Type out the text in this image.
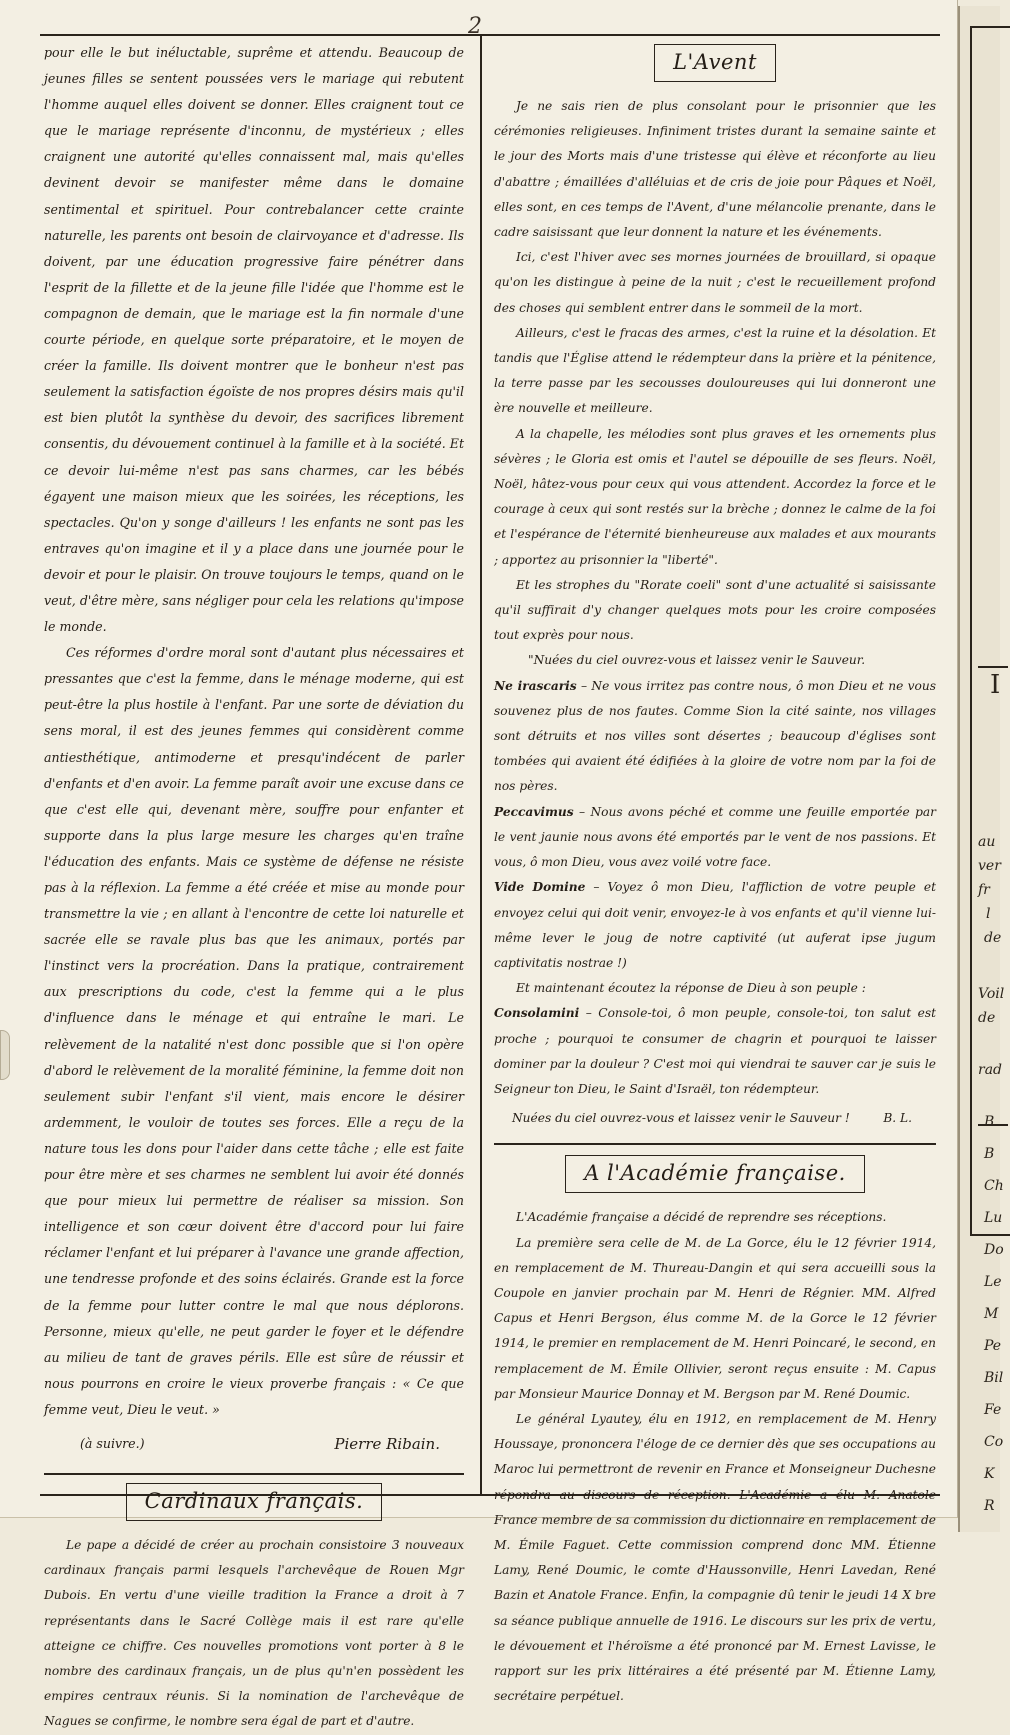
2

pour elle le but inéluctable, suprême et attendu. Beaucoup de jeunes filles se sentent poussées vers le mariage qui rebutent l'homme auquel elles doivent se donner. Elles craignent tout ce que le mariage représente d'inconnu, de mystérieux ; elles craignent une autorité qu'elles connaissent mal, mais qu'elles devinent devoir se manifester même dans le domaine sentimental et spirituel. Pour contrebalancer cette crainte naturelle, les parents ont besoin de clairvoyance et d'adresse. Ils doivent, par une éducation progressive faire pénétrer dans l'esprit de la fillette et de la jeune fille l'idée que l'homme est le compagnon de demain, que le mariage est la fin normale d'une courte période, en quelque sorte préparatoire, et le moyen de créer la famille. Ils doivent montrer que le bonheur n'est pas seulement la satisfaction égoïste de nos propres désirs mais qu'il est bien plutôt la synthèse du devoir, des sacrifices librement consentis, du dévouement continuel à la famille et à la société. Et ce devoir lui-même n'est pas sans charmes, car les bébés égayent une maison mieux que les soirées, les réceptions, les spectacles. Qu'on y songe d'ailleurs ! les enfants ne sont pas les entraves qu'on imagine et il y a place dans une journée pour le devoir et pour le plaisir. On trouve toujours le temps, quand on le veut, d'être mère, sans négliger pour cela les relations qu'impose le monde.

Ces réformes d'ordre moral sont d'autant plus nécessaires et pressantes que c'est la femme, dans le ménage moderne, qui est peut-être la plus hostile à l'enfant. Par une sorte de déviation du sens moral, il est des jeunes femmes qui considèrent comme antiesthétique, antimoderne et presqu'indécent de parler d'enfants et d'en avoir. La femme paraît avoir une excuse dans ce que c'est elle qui, devenant mère, souffre pour enfanter et supporte dans la plus large mesure les charges qu'en traîne l'éducation des enfants. Mais ce système de défense ne résiste pas à la réflexion. La femme a été créée et mise au monde pour transmettre la vie ; en allant à l'encontre de cette loi naturelle et sacrée elle se ravale plus bas que les animaux, portés par l'instinct vers la procréation. Dans la pratique, contrairement aux prescriptions du code, c'est la femme qui a le plus d'influence dans le ménage et qui entraîne le mari. Le relèvement de la natalité n'est donc possible que si l'on opère d'abord le relèvement de la moralité féminine, la femme doit non seulement subir l'enfant s'il vient, mais encore le désirer ardemment, le vouloir de toutes ses forces. Elle a reçu de la nature tous les dons pour l'aider dans cette tâche ; elle est faite pour être mère et ses charmes ne semblent lui avoir été donnés que pour mieux lui permettre de réaliser sa mission. Son intelligence et son cœur doivent être d'accord pour lui faire réclamer l'enfant et lui préparer à l'avance une grande affection, une tendresse profonde et des soins éclairés. Grande est la force de la femme pour lutter contre le mal que nous déplorons. Personne, mieux qu'elle, ne peut garder le foyer et le défendre au milieu de tant de graves périls. Elle est sûre de réussir et nous pourrons en croire le vieux proverbe français : « Ce que femme veut, Dieu le veut. »

(à suivre.)	Pierre Ribain.
Cardinaux français.

Le pape a décidé de créer au prochain consistoire 3 nouveaux cardinaux français parmi lesquels l'archevêque de Rouen Mgr Dubois. En vertu d'une vieille tradition la France a droit à 7 représentants dans le Sacré Collège mais il est rare qu'elle atteigne ce chiffre. Ces nouvelles promotions vont porter à 8 le nombre des cardinaux français, un de plus qu'n'en possèdent les empires centraux réunis. Si la nomination de l'archevêque de Nagues se confirme, le nombre sera égal de part et d'autre.

L'Avent

Je ne sais rien de plus consolant pour le prisonnier que les cérémonies religieuses. Infiniment tristes durant la semaine sainte et le jour des Morts mais d'une tristesse qui élève et réconforte au lieu d'abattre ; émaillées d'alléluias et de cris de joie pour Pâques et Noël, elles sont, en ces temps de l'Avent, d'une mélancolie prenante, dans le cadre saisissant que leur donnent la nature et les événements.

Ici, c'est l'hiver avec ses mornes journées de brouillard, si opaque qu'on les distingue à peine de la nuit ; c'est le recueillement profond des choses qui semblent entrer dans le sommeil de la mort.

Ailleurs, c'est le fracas des armes, c'est la ruine et la désolation. Et tandis que l'Église attend le rédempteur dans la prière et la pénitence, la terre passe par les secousses douloureuses qui lui donneront une ère nouvelle et meilleure.

A la chapelle, les mélodies sont plus graves et les ornements plus sévères ; le Gloria est omis et l'autel se dépouille de ses fleurs. Noël, Noël, hâtez-vous pour ceux qui vous attendent. Accordez la force et le courage à ceux qui sont restés sur la brèche ; donnez le calme de la foi et l'espérance de l'éternité bienheureuse aux malades et aux mourants ; apportez au prisonnier la "liberté".

Et les strophes du "Rorate coeli" sont d'une actualité si saisissante qu'il suffirait d'y changer quelques mots pour les croire composées tout exprès pour nous.

"Nuées du ciel ouvrez-vous et laissez venir le Sauveur.

Ne irascaris – Ne vous irritez pas contre nous, ô mon Dieu et ne vous souvenez plus de nos fautes. Comme Sion la cité sainte, nos villages sont détruits et nos villes sont désertes ; beaucoup d'églises sont tombées qui avaient été édifiées à la gloire de votre nom par la foi de nos pères.

Peccavimus – Nous avons péché et comme une feuille emportée par le vent jaunie nous avons été emportés par le vent de nos passions. Et vous, ô mon Dieu, vous avez voilé votre face.

Vide Domine – Voyez ô mon Dieu, l'affliction de votre peuple et envoyez celui qui doit venir, envoyez-le à vos enfants et qu'il vienne lui-même lever le joug de notre captivité (ut auferat ipse jugum captivitatis nostrae !)

Et maintenant écoutez la réponse de Dieu à son peuple :

Consolamini – Console-toi, ô mon peuple, console-toi, ton salut est proche ; pourquoi te consumer de chagrin et pourquoi te laisser dominer par la douleur ? C'est moi qui viendrai te sauver car je suis le Seigneur ton Dieu, le Saint d'Israël, ton rédempteur.

Nuées du ciel ouvrez-vous et laissez venir le Sauveur !	B. L.

A l'Académie française.

L'Académie française a décidé de reprendre ses réceptions.

La première sera celle de M. de La Gorce, élu le 12 février 1914, en remplacement de M. Thureau-Dangin et qui sera accueilli sous la Coupole en janvier prochain par M. Henri de Régnier. MM. Alfred Capus et Henri Bergson, élus comme M. de la Gorce le 12 février 1914, le premier en remplacement de M. Henri Poincaré, le second, en remplacement de M. Émile Ollivier, seront reçus ensuite : M. Capus par Monsieur Maurice Donnay et M. Bergson par M. René Doumic.

Le général Lyautey, élu en 1912, en remplacement de M. Henry Houssaye, prononcera l'éloge de ce dernier dès que ses occupations au Maroc lui permettront de revenir en France et Monseigneur Duchesne répondra au discours de réception. L'Académie a élu M. Anatole France membre de sa commission du dictionnaire en remplacement de M. Émile Faguet. Cette commission comprend donc MM. Étienne Lamy, René Doumic, le comte d'Haussonville, Henri Lavedan, René Bazin et Anatole France. Enfin, la compagnie dû tenir le jeudi 14 X bre sa séance publique annuelle de 1916. Le discours sur les prix de vertu, le dévouement et l'héroïsme a été prononcé par M. Ernest Lavisse, le rapport sur les prix littéraires a été présenté par M. Étienne Lamy, secrétaire perpétuel.

I
au
ver
fr
l
de
Voil
de
rad
B
B
Ch
Lu
Do
Le
M
Pe
Bil
Fe
Co
K
R
